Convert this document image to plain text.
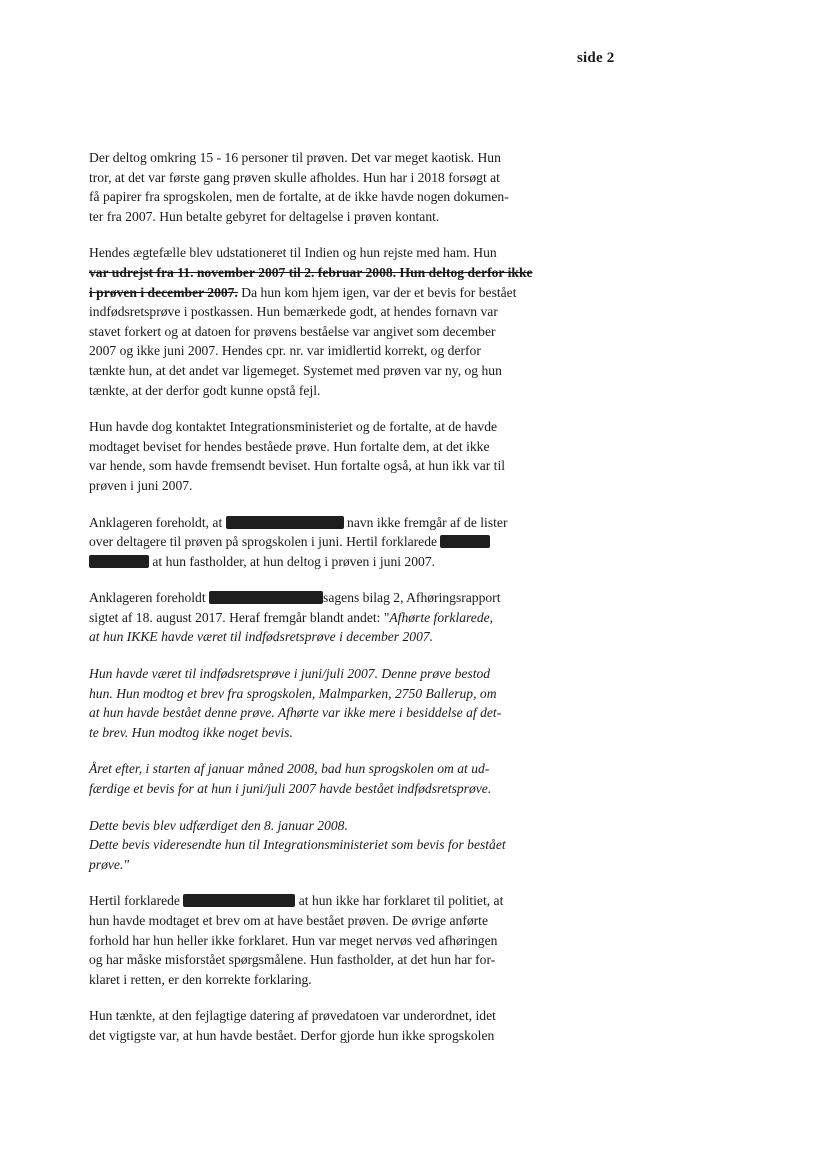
side 2

Der deltog omkring 15 - 16 personer til prøven. Det var meget kaotisk. Hun
tror, at det var første gang prøven skulle afholdes. Hun har i 2018 forsøgt at
få papirer fra sprogskolen, men de fortalte, at de ikke havde nogen dokumen-
ter fra 2007. Hun betalte gebyret for deltagelse i prøven kontant.

Hendes ægtefælle blev udstationeret til Indien og hun rejste med ham. Hun
var udrejst fra 11. november 2007 til 2. februar 2008. Hun deltog derfor ikke
i prøven i december 2007. Da hun kom hjem igen, var der et bevis for bestået
indfødsretsprøve i postkassen. Hun bemærkede godt, at hendes fornavn var
stavet forkert og at datoen for prøvens beståelse var angivet som december
2007 og ikke juni 2007. Hendes cpr. nr. var imidlertid korrekt, og derfor
tænkte hun, at det andet var ligemeget. Systemet med prøven var ny, og hun
tænkte, at der derfor godt kunne opstå fejl.

Hun havde dog kontaktet Integrationsministeriet og de fortalte, at de havde
modtaget beviset for hendes beståede prøve. Hun fortalte dem, at det ikke
var hende, som havde fremsendt beviset. Hun fortalte også, at hun ikk var til
prøven i juni 2007.

Anklageren foreholdt, at	navn ikke fremgår af de lister
over deltagere til prøven på sprogskolen i juni. Hertil forklarede
at hun fastholder, at hun deltog i prøven i juni 2007.

Anklageren foreholdt	sagens bilag 2, Afhøringsrapport
sigtet af 18. august 2017. Heraf fremgår blandt andet: "Afhørte forklarede,
at hun IKKE havde været til indfødsretsprøve i december 2007.

Hun havde været til indfødsretsprøve i juni/juli 2007. Denne prøve bestod
hun. Hun modtog et brev fra sprogskolen, Malmparken, 2750 Ballerup, om
at hun havde bestået denne prøve. Afhørte var ikke mere i besiddelse af det-
te brev. Hun modtog ikke noget bevis.

Året efter, i starten af januar måned 2008, bad hun sprogskolen om at ud-
færdige et bevis for at hun i juni/juli 2007 havde bestået indfødsretsprøve.

Dette bevis blev udfærdiget den 8. januar 2008.
Dette bevis videresendte hun til Integrationsministeriet som bevis for bestået
prøve."

Hertil forklarede	at hun ikke har forklaret til politiet, at
hun havde modtaget et brev om at have bestået prøven. De øvrige anførte
forhold har hun heller ikke forklaret. Hun var meget nervøs ved afhøringen
og har måske misforstået spørgsmålene. Hun fastholder, at det hun har for-
klaret i retten, er den korrekte forklaring.

Hun tænkte, at den fejlagtige datering af prøvedatoen var underordnet, idet
det vigtigste var, at hun havde bestået. Derfor gjorde hun ikke sprogskolen
